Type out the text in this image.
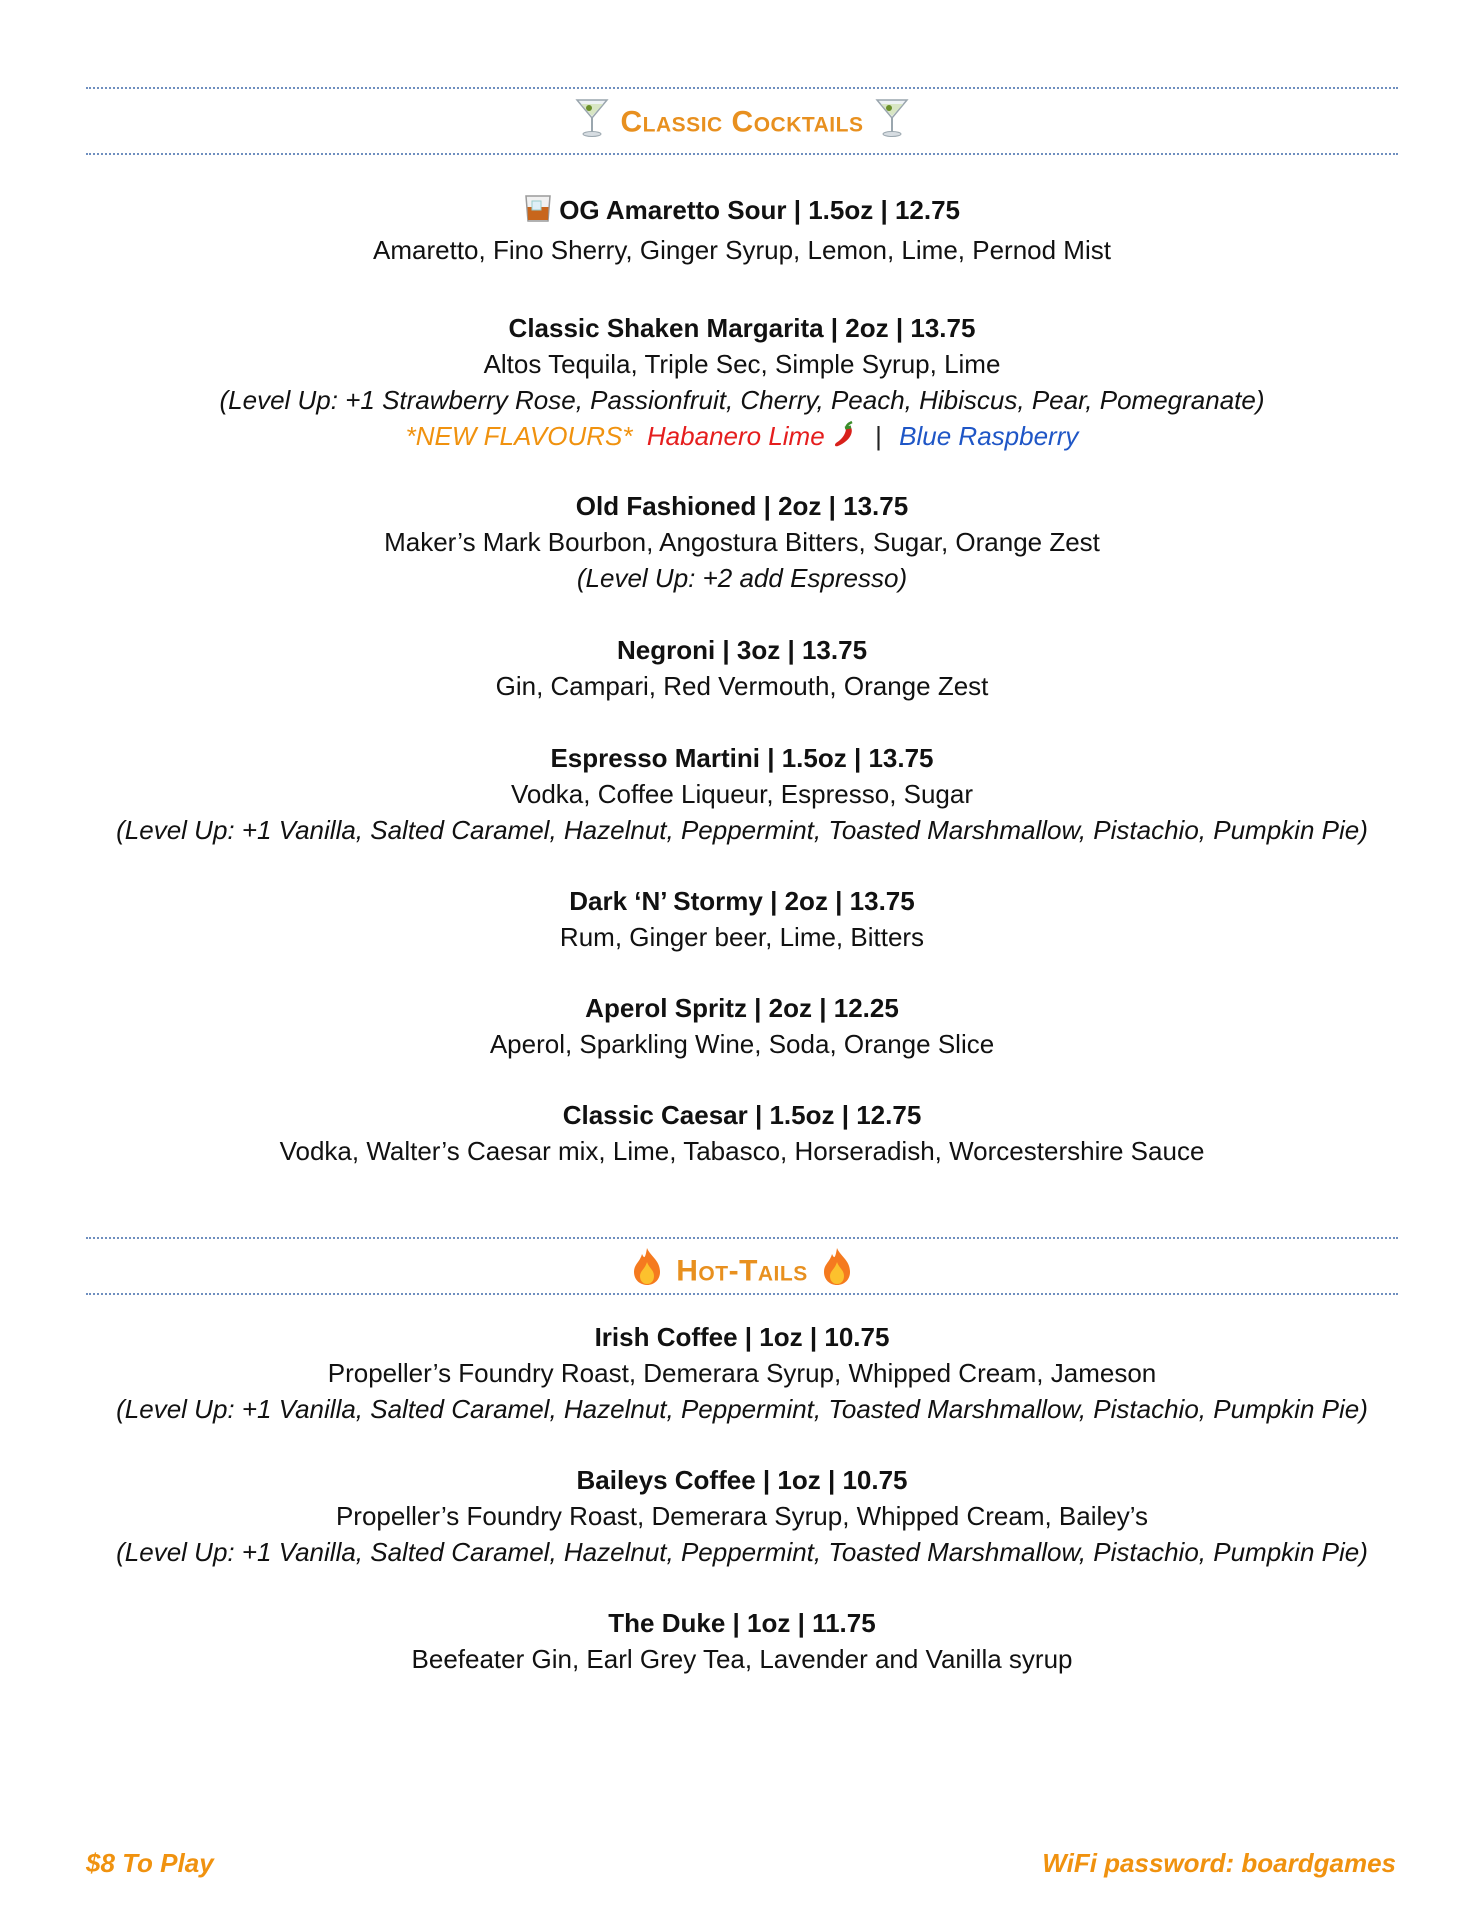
Classic Cocktails
OG Amaretto Sour | 1.5oz | 12.75
Amaretto, Fino Sherry, Ginger Syrup, Lemon, Lime, Pernod Mist
Classic Shaken Margarita | 2oz | 13.75
Altos Tequila, Triple Sec, Simple Syrup, Lime
(Level Up: +1 Strawberry Rose, Passionfruit, Cherry, Peach, Hibiscus, Pear, Pomegranate)
*NEW FLAVOURS* Habanero Lime | Blue Raspberry
Old Fashioned | 2oz | 13.75
Maker’s Mark Bourbon, Angostura Bitters, Sugar, Orange Zest
(Level Up: +2 add Espresso)
Negroni | 3oz | 13.75
Gin, Campari, Red Vermouth, Orange Zest
Espresso Martini | 1.5oz | 13.75
Vodka, Coffee Liqueur, Espresso, Sugar
(Level Up: +1 Vanilla, Salted Caramel, Hazelnut, Peppermint, Toasted Marshmallow, Pistachio, Pumpkin Pie)
Dark ‘N’ Stormy | 2oz | 13.75
Rum, Ginger beer, Lime, Bitters
Aperol Spritz | 2oz | 12.25
Aperol, Sparkling Wine, Soda, Orange Slice
Classic Caesar | 1.5oz | 12.75
Vodka, Walter’s Caesar mix, Lime, Tabasco, Horseradish, Worcestershire Sauce
Hot-Tails
Irish Coffee | 1oz | 10.75
Propeller’s Foundry Roast, Demerara Syrup, Whipped Cream, Jameson
(Level Up: +1 Vanilla, Salted Caramel, Hazelnut, Peppermint, Toasted Marshmallow, Pistachio, Pumpkin Pie)
Baileys Coffee | 1oz | 10.75
Propeller’s Foundry Roast, Demerara Syrup, Whipped Cream, Bailey’s
(Level Up: +1 Vanilla, Salted Caramel, Hazelnut, Peppermint, Toasted Marshmallow, Pistachio, Pumpkin Pie)
The Duke | 1oz | 11.75
Beefeater Gin, Earl Grey Tea, Lavender and Vanilla syrup
$8 To Play	WiFi password: boardgames
